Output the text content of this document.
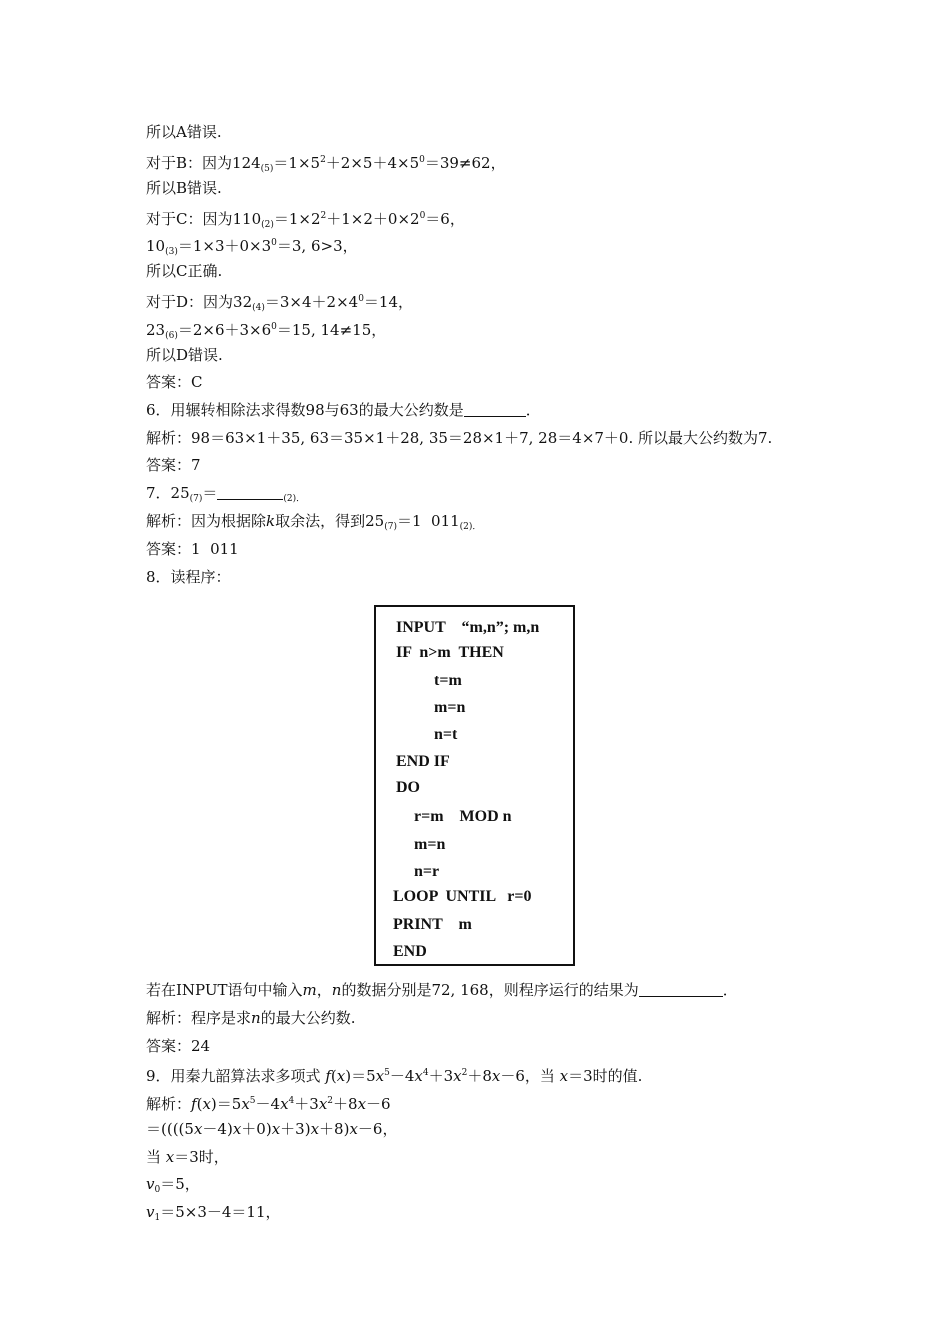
所以A错误.
对于B：因为$124_{(5)}=1\times 5^2+2\times 5+4\times 5^0=39\ne 62$，
所以B错误.
对于C：因为$110_{(2)}=1\times 2^2+1\times 2+0\times 2^0=6$，
$10_{(3)}=1\times 3+0\times 3^0=3$, 6>3，
所以C正确.
对于D：因为$32_{(4)}=3\times 4+2\times 4^0=14$，
$23_{(6)}=2\times 6+3\times 6^0=15$, 14≠15，
所以D错误.
答案：C
6．用辗转相除法求得数98与63的最大公约数是	．
解析：98＝63×1＋35, 63＝35×1＋28, 35＝28×1＋7, 28＝4×7＋0. 所以最大公约数为7.
答案：7
7．$25_{(7)}=$	$_{(2).}$
解析：因为根据除k取余法，得到$25_{(7)}=1$  $011_{(2).}$
答案：1  011
8．读程序：
INPUT    “m,n”; m,n
IF  n>m  THEN
t=m
m=n
n=t
END IF
DO
r=m    MOD n
m=n
n=r
LOOP  UNTIL   r=0
PRINT    m
END
若在INPUT语句中输入m，n的数据分别是72, 168，则程序运行的结果为	．
解析：程序是求n的最大公约数.
答案：24
9．用秦九韶算法求多项式 $f(x)=5x^5-4x^4+3x^2+8x-6$，当 x＝3时的值.
解析：$f(x)=5x^5-4x^4+3x^2+8x-6$
＝((((5x－4)x＋0)x＋3)x＋8)x－6，
当 x＝3时，
$v_0=5$，
$v_1=5\times 3-4=11$，
